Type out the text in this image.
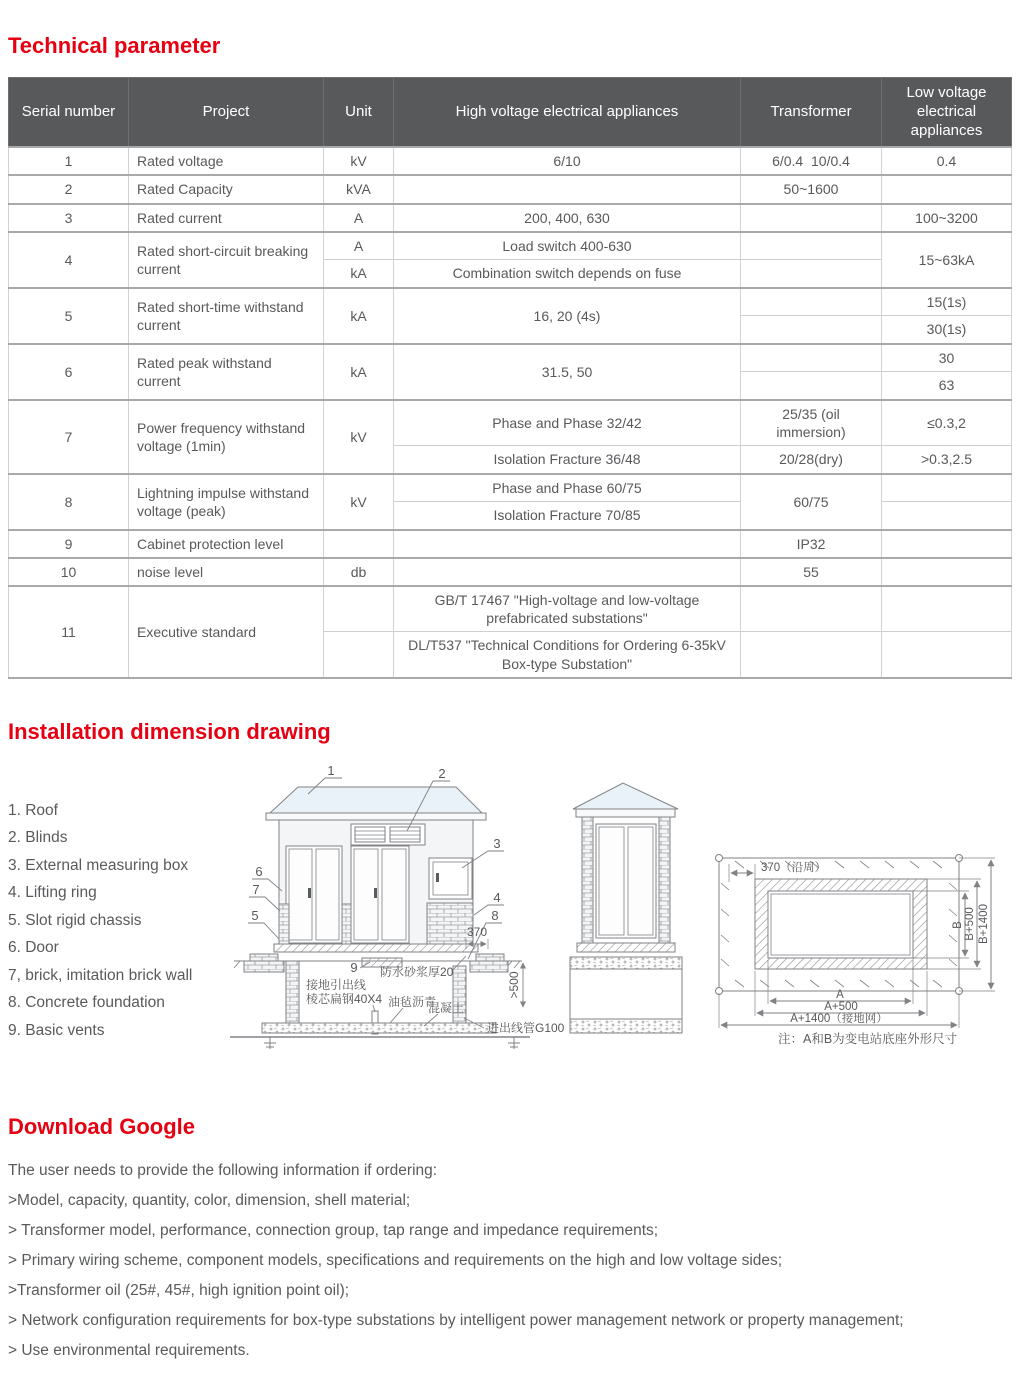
Technical parameter
Serial number	Project	Unit	High voltage electrical appliances	Transformer	Low voltage electrical appliances
1	Rated voltage	kV	6/10	6/0.4  10/0.4	0.4
2	Rated Capacity	kVA		50~1600	
3	Rated current	A	200, 400, 630		100~3200
4	Rated short-circuit breaking current	A	Load switch 400-630		15~63kA
		kA	Combination switch depends on fuse		
5	Rated short-time withstand current	kA	16, 20 (4s)		15(1s)
					30(1s)
6	Rated peak withstand current	kA	31.5, 50		30
					63
7	Power frequency withstand voltage (1min)	kV	Phase and Phase 32/42	25/35 (oil immersion)	≤0.3,2
			Isolation Fracture 36/48	20/28(dry)	>0.3,2.5
8	Lightning impulse withstand voltage (peak)	kV	Phase and Phase 60/75	60/75	
			Isolation Fracture 70/85		
9	Cabinet protection level			IP32	
10	noise level	db		55	
11	Executive standard		GB/T 17467 "High-voltage and low-voltage prefabricated substations"		
			DL/T537 "Technical Conditions for Ordering 6-35kV Box-type Substation"		
Installation dimension drawing
1. Roof
2. Blinds
3. External measuring box
4. Lifting ring
5. Slot rigid chassis
6. Door
7, brick, imitation brick wall
8. Concrete foundation
9. Basic vents
1	2
3
6
7
5
4
8
370
9 防水砂浆厚20
接地引出线
棱芯扁钢40X4 油毡沥青
混凝土
>500
进出线管G100
370（沿周）
B B+500 B+1400
A
A+500
A+1400（接地网）
注：A和B为变电站底座外形尺寸
Download Google

The user needs to provide the following information if ordering:

>Model, capacity, quantity, color, dimension, shell material;

> Transformer model, performance, connection group, tap range and impedance requirements;

> Primary wiring scheme, component models, specifications and requirements on the high and low voltage sides;

>Transformer oil (25#, 45#, high ignition point oil);

> Network configuration requirements for box-type substations by intelligent power management network or property management;

> Use environmental requirements.
